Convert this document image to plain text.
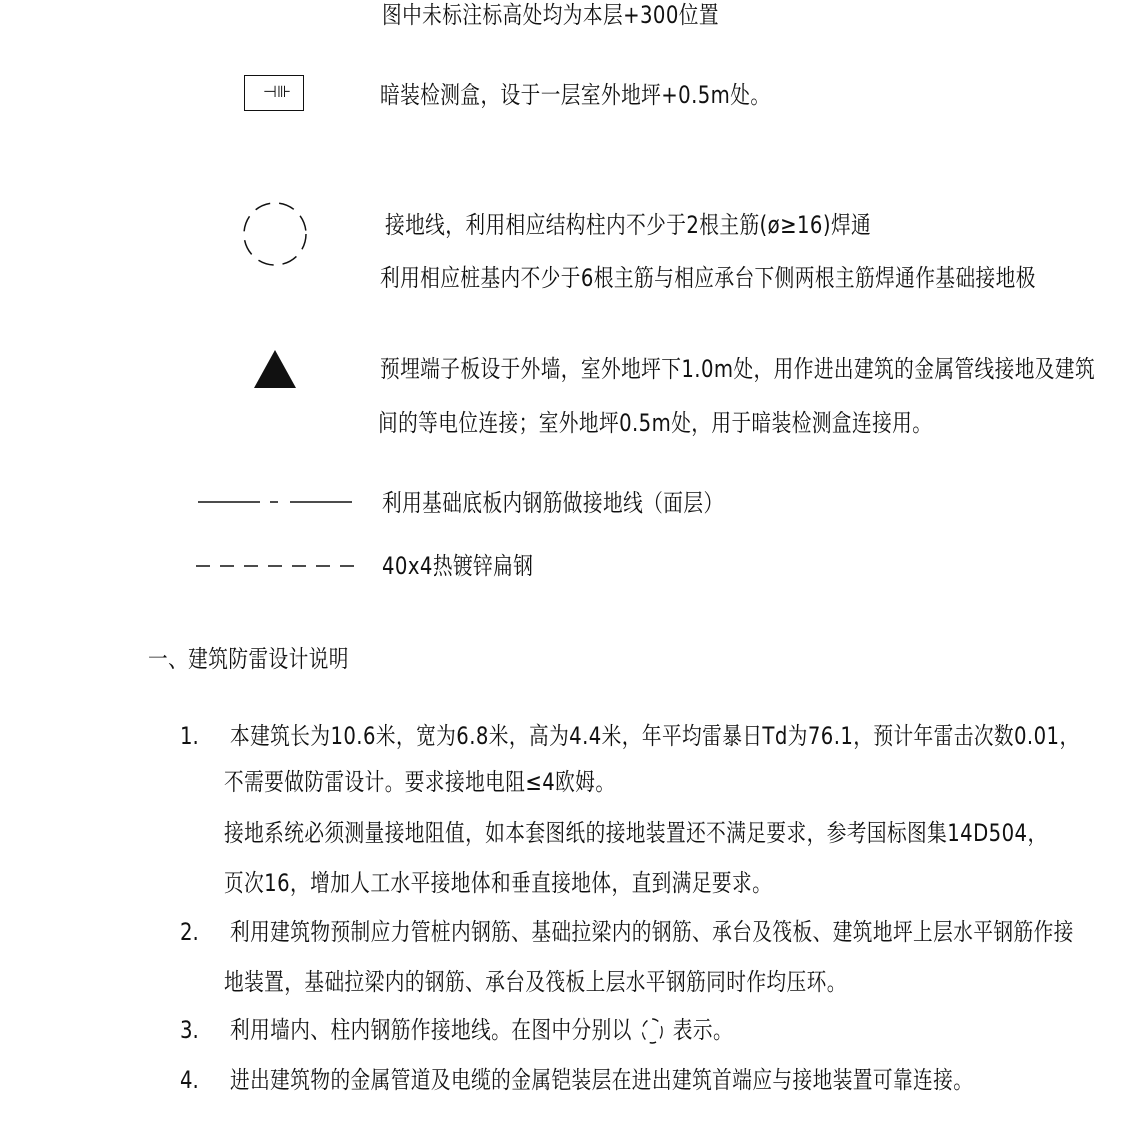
图中未标注标高处均为本层+300位置
⊣⊪	暗装检测盒，设于一层室外地坪+0.5m处。
接地线，利用相应结构柱内不少于2根主筋(ø≥16)焊通
利用相应桩基内不少于6根主筋与相应承台下侧两根主筋焊通作基础接地极
预埋端子板设于外墙，室外地坪下1.0m处，用作进出建筑的金属管线接地及建筑
间的等电位连接；室外地坪0.5m处，用于暗装检测盒连接用。
利用基础底板内钢筋做接地线（面层）
40x4热镀锌扁钢
一、建筑防雷设计说明
1. 本建筑长为10.6米，宽为6.8米，高为4.4米，年平均雷暴日Td为76.1，预计年雷击次数0.01，
不需要做防雷设计。要求接地电阻≤4欧姆。
接地系统必须测量接地阻值，如本套图纸的接地装置还不满足要求，参考国标图集14D504，
页次16，增加人工水平接地体和垂直接地体，直到满足要求。
2. 利用建筑物预制应力管桩内钢筋、基础拉梁内的钢筋、承台及筏板、建筑地坪上层水平钢筋作接
地装置，基础拉梁内的钢筋、承台及筏板上层水平钢筋同时作均压环。
3. 利用墙内、柱内钢筋作接地线。在图中分别以 表示。
4. 进出建筑物的金属管道及电缆的金属铠装层在进出建筑首端应与接地装置可靠连接。
